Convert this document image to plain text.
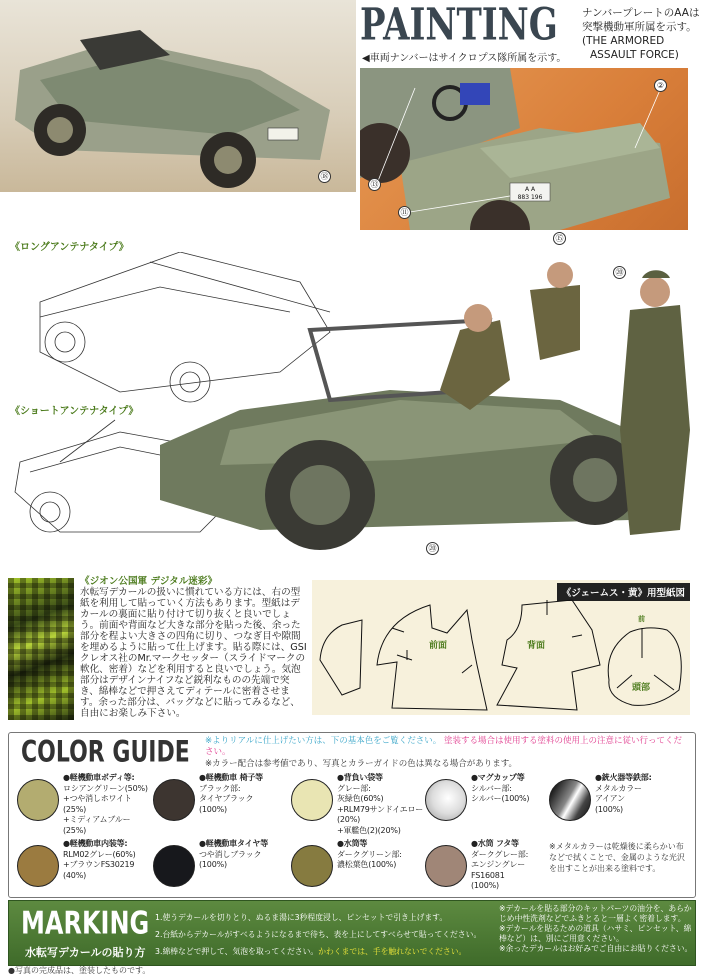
⑱
PAINTING ナンバープレートのAAは
突撃機動軍所属を示す。
(THE ARMORED
ASSAULT FORCE)
◀車両ナンバーはサイクロプス隊所属を示す。
A A
883 196
②
⑬
⑪
《ロングアンテナタイプ》
《ショートアンテナタイプ》
⑮
⑳
⑳
《ジオン公国軍 デジタル迷彩》
水転写デカールの扱いに慣れている方には、右の型紙を利用して貼っていく方法もあります。型紙はデカールの裏面に貼り付けて切り抜くと良いでしょう。前面や背面など大きな部分を貼った後、余った部分を程よい大きさの四角に切り、つなぎ目や隙間を埋めるように貼って仕上げます。貼る際には、GSIクレオス社のMr.マークセッター（スライドマークの軟化、密着）などを利用すると良いでしょう。気泡部分はデザインナイフなど鋭利なものの先端で突き、綿棒などで押さえてディテールに密着させます。余った部分は、バッグなどに貼ってみるなど、自由にお楽しみ下さい。
《ジェームス・黄》用型紙図
前面	背面
前
頭部
COLOR GUIDE ※よりリアルに仕上げたい方は、下の基本色をご覧ください。 塗装する場合は使用する塗料の使用上の注意に従い行ってください。
※カラー配合は参考値であり、写真とカラーガイドの色は異なる場合があります。
●軽機動車ボディ等:
ロシアングリーン(50%)
+つや消しホワイト
(25%)
+ミディアムブルー
(25%)
●軽機動車 椅子等
ブラック部:
タイヤブラック
(100%)
●背負い袋等
グレー部:
灰緑色(60%)
+RLM79サンドイエロー
(20%)
+軍艦色(2)(20%)
●マグカップ等
シルバー部:
シルバー(100%)
●銃火器等鉄部:
メタルカラー
アイアン
(100%)
●軽機動車内装等:
RLM02グレー(60%)
+ブラウンFS30219
(40%)
●軽機動車タイヤ等
つや消しブラック
(100%)
●水筒等
ダークグリーン部:
濃松葉色(100%)
●水筒 フタ等
ダークグレー部:
エンジングレー
FS16081
(100%)
※メタルカラーは乾燥後に柔らかい布
などで拭くことで、金属のような光沢
を出すことが出来る塗料です。
MARKING
水転写デカールの貼り方
1.使うデカールを切りとり、ぬるま湯に3秒程度浸し、ピンセットで引き上げます。
2.台紙からデカールがすべるようになるまで待ち、表を上にしてすべらせて貼ってください。
3.綿棒などで押して、気泡を取ってください。かわくまでは、手を触れないでください。
※デカールを貼る部分のキットパーツの油分を、あらかじめ中性洗剤などでふきとると一層よく密着します。
※デカールを貼るための道具（ハサミ、ピンセット、綿棒など）は、別にご用意ください。
※余ったデカールはお好みでご自由にお貼りください。
●写真の完成品は、塗装したものです。
